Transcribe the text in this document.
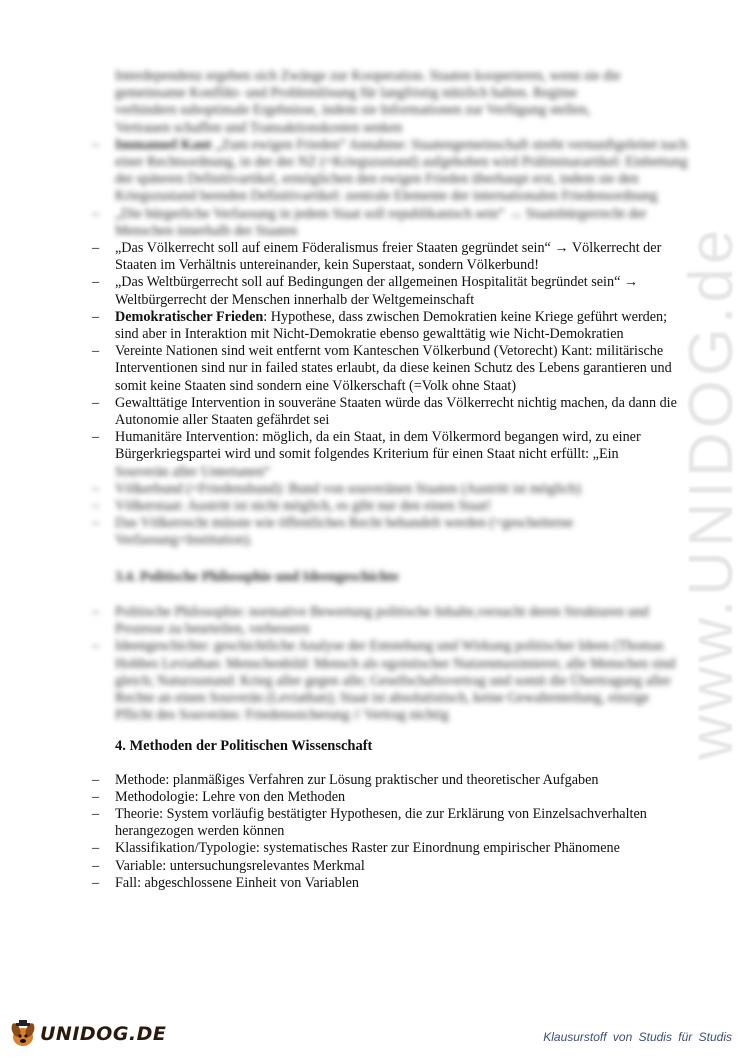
www.UNIDOG.de
Interdependenz ergeben sich Zwänge zur Kooperation. Staaten kooperieren, wenn sie die
gemeinsame Konflikt- und Problemlösung für langfristig nützlich halten. Regime
verhindern suboptimale Ergebnisse, indem sie Informationen zur Verfügung stellen,
Vertrauen schaffen und Transaktionskosten senken
– Immanuel Kant „Zum ewigen Frieden“ Annahme: Staatengemeinschaft strebt vernunftgeleitet nach einer Rechtsordnung, in der der NZ (=Kriegszustand) aufgehoben wird Präliminarartikel: Einbettung der späteren Definitivartikel, ermöglichen den ewigen Frieden überhaupt erst, indem sie den Kriegszustand beenden Definitivartikel: zentrale Elemente der internationalen Friedensordnung
– „Die bürgerliche Verfassung in jedem Staat soll republikanisch sein“ → Staatsbürgerrecht der Menschen innerhalb der Staaten
– „Das Völkerrecht soll auf einem Föderalismus freier Staaten gegründet sein“ → Völkerrecht der Staaten im Verhältnis untereinander, kein Superstaat, sondern Völkerbund!
– „Das Weltbürgerrecht soll auf Bedingungen der allgemeinen Hospitalität begründet sein“ → Weltbürgerrecht der Menschen innerhalb der Weltgemeinschaft
– Demokratischer Frieden: Hypothese, dass zwischen Demokratien keine Kriege geführt werden; sind aber in Interaktion mit Nicht-Demokratie ebenso gewalttätig wie Nicht-Demokratien
– Vereinte Nationen sind weit entfernt vom Kanteschen Völkerbund (Vetorecht) Kant: militärische Interventionen sind nur in failed states erlaubt, da diese keinen Schutz des Lebens garantieren und somit keine Staaten sind sondern eine Völkerschaft (=Volk ohne Staat)
– Gewalttätige Intervention in souveräne Staaten würde das Völkerrecht nichtig machen, da dann die Autonomie aller Staaten gefährdet sei
– Humanitäre Intervention: möglich, da ein Staat, in dem Völkermord begangen wird, zu einer Bürgerkriegspartei wird und somit folgendes Kriterium für einen Staat nicht erfüllt: „Ein
Souverän aller Untertanen“
– Völkerbund (=Friedensbund): Bund von souveränen Staaten (Austritt ist möglich)
– Völkerstaat: Austritt ist nicht möglich, es gibt nur den einen Staat!
– Das Völkerrecht müsste wie öffentliches Recht behandelt werden (=gescheiterne Verfassung+Institution).
3.4. Politische Philosophie und Ideengeschichte
– Politische Philosophie: normative Bewertung politische Inhalte,versucht deren Strukturen und Prozesse zu beurteilen, verbessern
– Ideengeschichte: geschichtliche Analyse der Entstehung und Wirkung politischer Ideen (Thomas Hobbes Leviathan: Menschenbild: Mensch als egoistischer Nutzenmaximierer, alle Menschen sind gleich; Naturzustand: Krieg aller gegen alle; Gesellschaftsvertrag und somit die Übertragung aller Rechte an einen Souverän (Leviathan); Staat ist absolutistisch, keine Gewaltenteilung, einzige Pflicht des Souveräns: Friedenssicherung // Vertrag nichtig
4. Methoden der Politischen Wissenschaft
– Methode: planmäßiges Verfahren zur Lösung praktischer und theoretischer Aufgaben
– Methodologie: Lehre von den Methoden
– Theorie: System vorläufig bestätigter Hypothesen, die zur Erklärung von Einzelsachverhalten herangezogen werden können
– Klassifikation/Typologie: systematisches Raster zur Einordnung empirischer Phänomene
– Variable: untersuchungsrelevantes Merkmal
– Fall: abgeschlossene Einheit von Variablen
UNIDOG.DE	Klausurstoff von Studis für Studis
